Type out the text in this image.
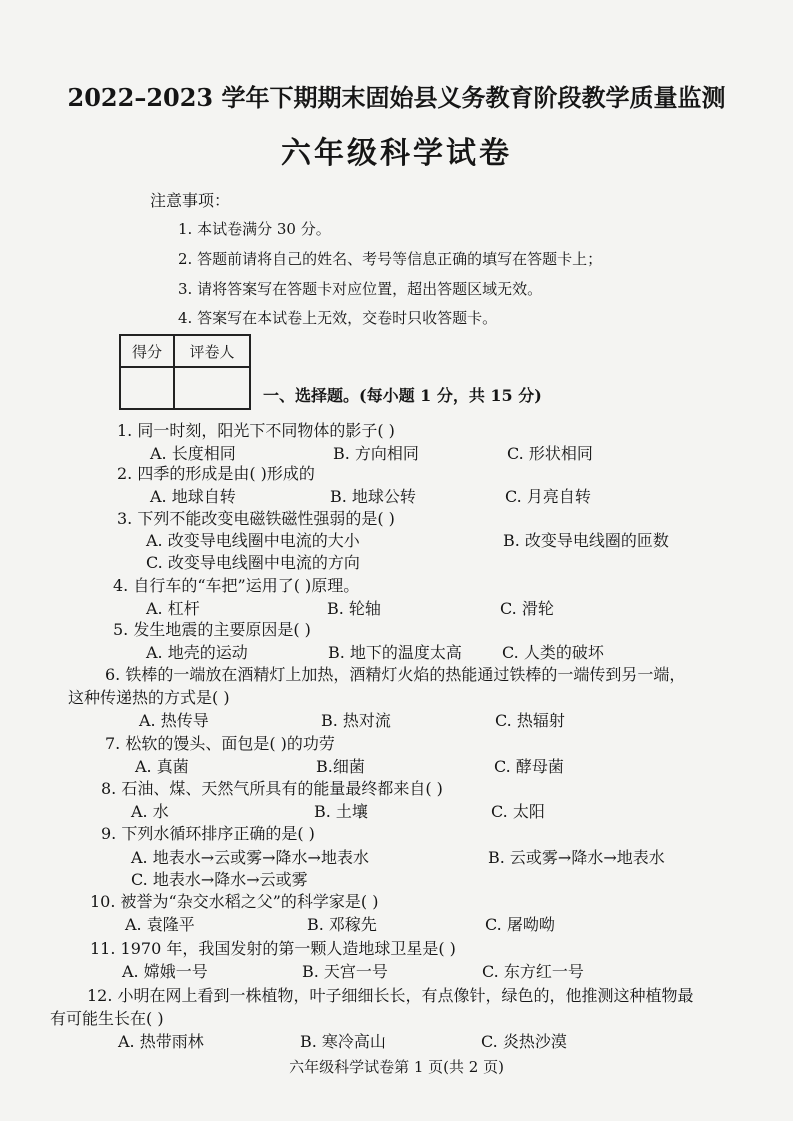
2022–2023 学年下期期末固始县义务教育阶段教学质量监测
六年级科学试卷
注意事项：
1. 本试卷满分 30 分。
2. 答题前请将自己的姓名、考号等信息正确的填写在答题卡上；
3. 请将答案写在答题卡对应位置，超出答题区域无效。
4. 答案写在本试卷上无效，交卷时只收答题卡。
得分	评卷人

一、选择题。(每小题 1 分，共 15 分)
1. 同一时刻，阳光下不同物体的影子( )
A. 长度相同	B. 方向相同	C. 形状相同
2. 四季的形成是由( )形成的
A. 地球自转	B. 地球公转	C. 月亮自转
3. 下列不能改变电磁铁磁性强弱的是( )
A. 改变导电线圈中电流的大小	B. 改变导电线圈的匝数
C. 改变导电线圈中电流的方向
4. 自行车的“车把”运用了( )原理。
A. 杠杆	B. 轮轴	C. 滑轮
5. 发生地震的主要原因是( )
A. 地壳的运动	B. 地下的温度太高	C. 人类的破坏
6. 铁棒的一端放在酒精灯上加热，酒精灯火焰的热能通过铁棒的一端传到另一端，
这种传递热的方式是( )
A. 热传导	B. 热对流	C. 热辐射
7. 松软的馒头、面包是( )的功劳
A. 真菌	B.细菌	C. 酵母菌
8. 石油、煤、天然气所具有的能量最终都来自( )
A. 水	B. 土壤	C. 太阳
9. 下列水循环排序正确的是( )
A. 地表水→云或雾→降水→地表水	B. 云或雾→降水→地表水
C. 地表水→降水→云或雾
10. 被誉为“杂交水稻之父”的科学家是( )
A. 袁隆平	B. 邓稼先	C. 屠呦呦
11. 1970 年，我国发射的第一颗人造地球卫星是( )
A. 嫦娥一号	B. 天宫一号	C. 东方红一号
12. 小明在网上看到一株植物，叶子细细长长，有点像针，绿色的，他推测这种植物最
有可能生长在( )
A. 热带雨林	B. 寒冷高山	C. 炎热沙漠
六年级科学试卷第 1 页(共 2 页)
